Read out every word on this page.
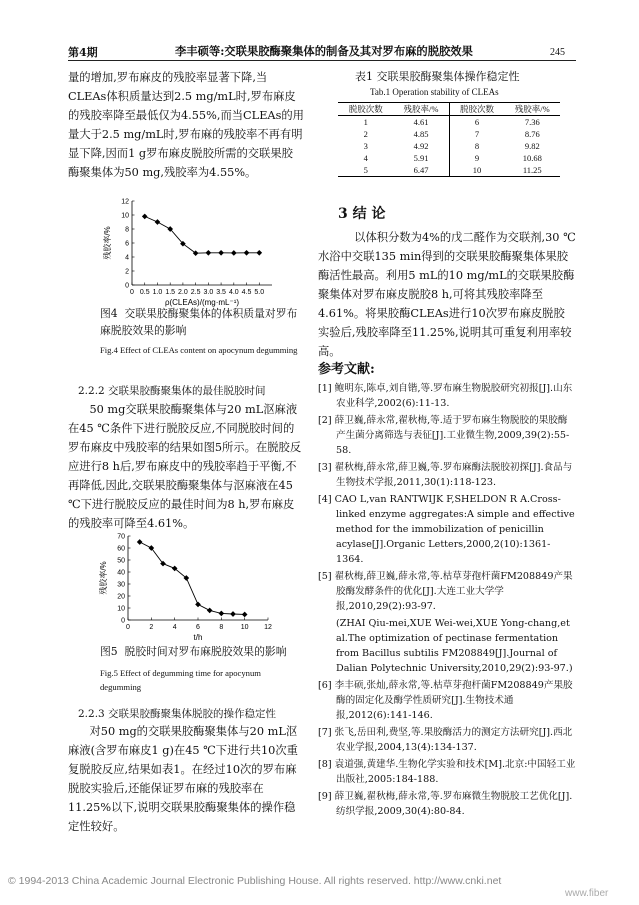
第4期	李丰硕等:交联果胶酶聚集体的制备及其对罗布麻的脱胶效果	245

量的增加,罗布麻皮的残胶率显著下降,当CLEAs体积质量达到2.5 mg/mL时,罗布麻皮的残胶率降至最低仅为4.55%,而当CLEAs的用量大于2.5 mg/mL时,罗布麻的残胶率不再有明显下降,因而1 g罗布麻皮脱胶所需的交联果胶酶聚集体为50 mg,残胶率为4.55%。

0 0.5 1.0 1.5 2.0 2.5 3.0 3.5 4.0 4.5 5.0
0
2
4
6
8
10
12
ρ(CLEAs)/(mg·mL⁻¹)
残胶率/%
图4 交联果胶酶聚集体的体积质量对罗布麻脱胶效果的影响
Fig.4 Effect of CLEAs content on apocynum degumming
2.2.2 交联果胶酶聚集体的最佳脱胶时间

50 mg交联果胶酶聚集体与20 mL沤麻液在45 ℃条件下进行脱胶反应,不同脱胶时间的罗布麻皮中残胶率的结果如图5所示。在脱胶反应进行8 h后,罗布麻皮中的残胶率趋于平衡,不再降低,因此,交联果胶酶聚集体与沤麻液在45 ℃下进行脱胶反应的最佳时间为8 h,罗布麻皮的残胶率可降至4.61%。

0	2	4	6	8 10 12
0
10
20
30
40
50
60
70
t/h
残胶率/%
图5 脱胶时间对罗布麻脱胶效果的影响
Fig.5 Effect of degumming time for apocynum degumming
2.2.3 交联果胶酶聚集体脱胶的操作稳定性

对50 mg的交联果胶酶聚集体与20 mL沤麻液(含罗布麻皮1 g)在45 ℃下进行共10次重复脱胶反应,结果如表1。在经过10次的罗布麻脱胶实验后,还能保证罗布麻的残胶率在11.25%以下,说明交联果胶酶聚集体的操作稳定性较好。

表1 交联果胶酶聚集体操作稳定性
Tab.1 Operation stability of CLEAs
脱胶次数	残胶率/%	脱胶次数	残胶率/%
1	4.61	6	7.36
2	4.85	7	8.76
3	4.92	8	9.82
4	5.91	9	10.68
5	6.47	10	11.25
3 结 论

以体积分数为4%的戊二醛作为交联剂,30 ℃水浴中交联135 min得到的交联果胶酶聚集体果胶酶活性最高。利用5 mL的10 mg/mL的交联果胶酶聚集体对罗布麻皮脱胶8 h,可将其残胶率降至4.61%。将果胶酶CLEAs进行10次罗布麻皮脱胶实验后,残胶率降至11.25%,说明其可重复利用率较高。

参考文献:

[1] 鲍明东,陈卓,刘自锴,等.罗布麻生物脱胶研究初报[J].山东农业科学,2002(6):11-13.

[2] 薛卫巍,薛永常,翟秋梅,等.适于罗布麻生物脱胶的果胶酶产生菌分离筛选与表征[J].工业微生物,2009,39(2):55-58.

[3] 翟秋梅,薛永常,薛卫巍,等.罗布麻酶法脱胶初探[J].食品与生物技术学报,2011,30(1):118-123.

[4] CAO L,van RANTWIJK F,SHELDON R A.Cross-linked enzyme aggregates:A simple and effective method for the immobilization of penicillin acylase[J].Organic Letters,2000,2(10):1361-1364.

[5] 翟秋梅,薛卫巍,薛永常,等.枯草芽孢杆菌FM208849产果胶酶发酵条件的优化[J].大连工业大学学报,2010,29(2):93-97.

(ZHAI Qiu-mei,XUE Wei-wei,XUE Yong-chang,et al.The optimization of pectinase fermentation from Bacillus subtilis FM208849[J].Journal of Dalian Polytechnic University,2010,29(2):93-97.)

[6] 李丰硕,张灿,薛永常,等.枯草芽孢杆菌FM208849产果胶酶的固定化及酶学性质研究[J].生物技术通报,2012(6):141-146.

[7] 张飞,岳田利,费坚,等.果胶酶活力的测定方法研究[J].西北农业学报,2004,13(4):134-137.

[8] 袁道强,黄建华.生物化学实验和技术[M].北京:中国轻工业出版社,2005:184-188.

[9] 薛卫巍,翟秋梅,薛永常,等.罗布麻微生物脱胶工艺优化[J].纺织学报,2009,30(4):80-84.

© 1994-2013 China Academic Journal Electronic Publishing House. All rights reserved. http://www.cnki.net
www.fiber
